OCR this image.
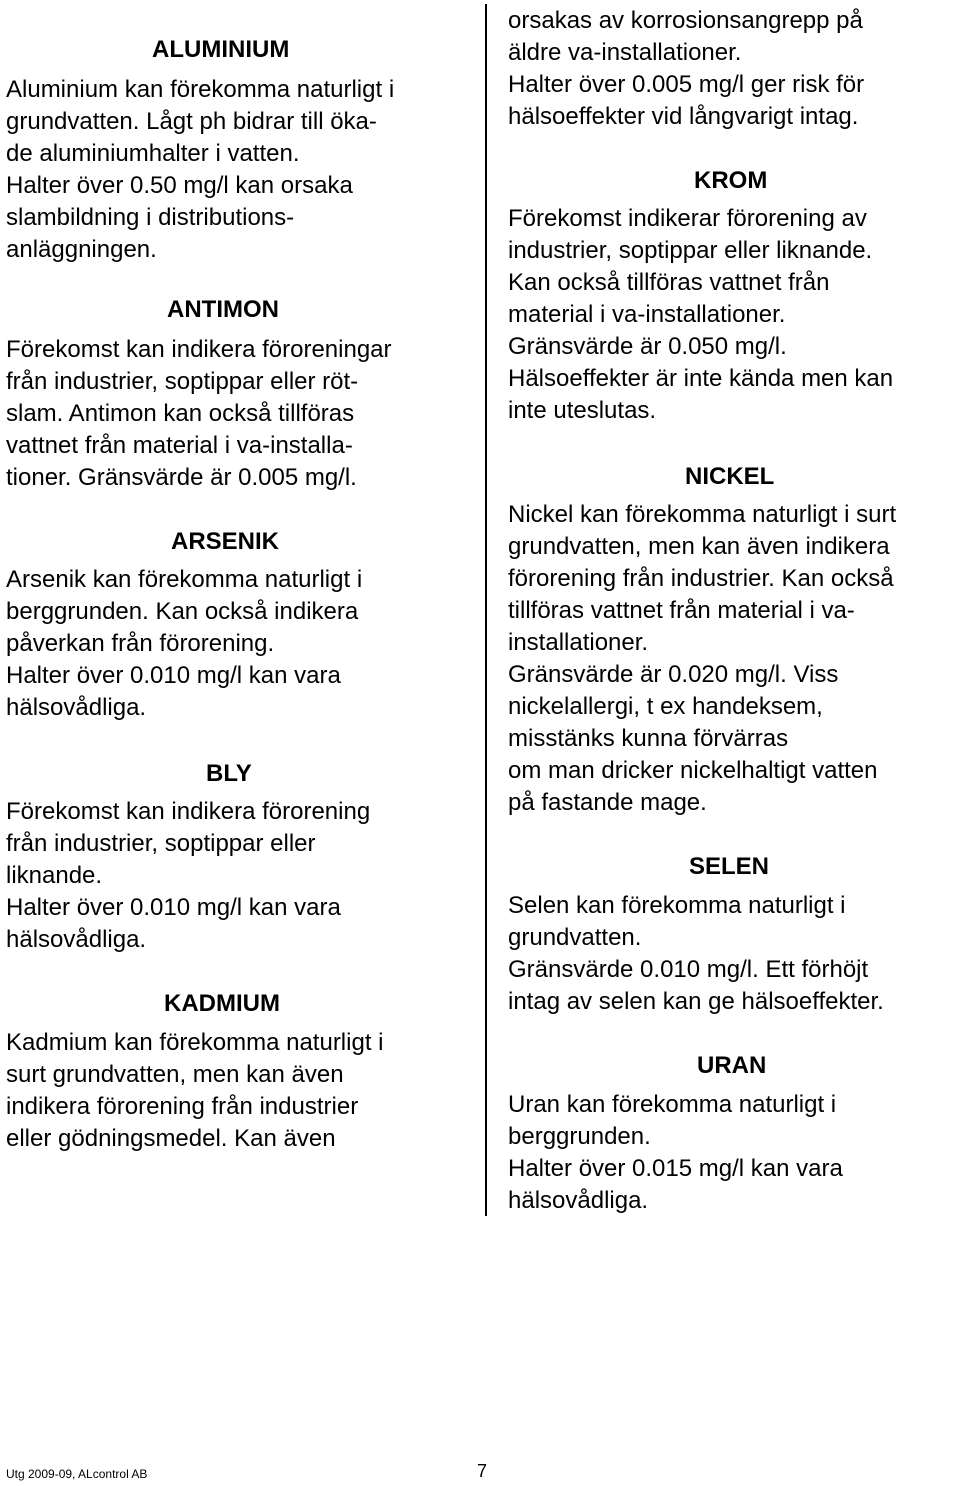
ALUMINIUM
Aluminium kan förekomma naturligt i
grundvatten. Lågt ph bidrar till öka-
de aluminiumhalter i vatten.
Halter över 0.50 mg/l kan orsaka
slambildning i distributions-
anläggningen.
ANTIMON
Förekomst kan indikera föroreningar
från industrier, soptippar eller röt-
slam. Antimon kan också tillföras
vattnet från material i va-installa-
tioner. Gränsvärde är 0.005 mg/l.
ARSENIK
Arsenik kan förekomma naturligt i
berggrunden. Kan också indikera
påverkan från förorening.
Halter över 0.010 mg/l kan vara
hälsovådliga.
BLY
Förekomst kan indikera förorening
från industrier, soptippar eller
liknande.
Halter över 0.010 mg/l kan vara
hälsovådliga.
KADMIUM
Kadmium kan förekomma naturligt i
surt grundvatten, men kan även
indikera förorening från industrier
eller gödningsmedel. Kan även
orsakas av korrosionsangrepp på
äldre va-installationer.
Halter över 0.005 mg/l ger risk för
hälsoeffekter vid långvarigt intag.
KROM
Förekomst indikerar förorening av
industrier, soptippar eller liknande.
Kan också tillföras vattnet från
material i va-installationer.
Gränsvärde är 0.050 mg/l.
Hälsoeffekter är inte kända men kan
inte uteslutas.
NICKEL
Nickel kan förekomma naturligt i surt
grundvatten, men kan även indikera
förorening från industrier. Kan också
tillföras vattnet från material i va-
installationer.
Gränsvärde är 0.020 mg/l. Viss
nickelallergi, t ex handeksem,
misstänks kunna förvärras
om man dricker nickelhaltigt vatten
på fastande mage.
SELEN
Selen kan förekomma naturligt i
grundvatten.
Gränsvärde 0.010 mg/l. Ett förhöjt
intag av selen kan ge hälsoeffekter.
URAN
Uran kan förekomma naturligt i
berggrunden.
Halter över 0.015 mg/l kan vara
hälsovådliga.
Utg 2009-09, ALcontrol AB	7
